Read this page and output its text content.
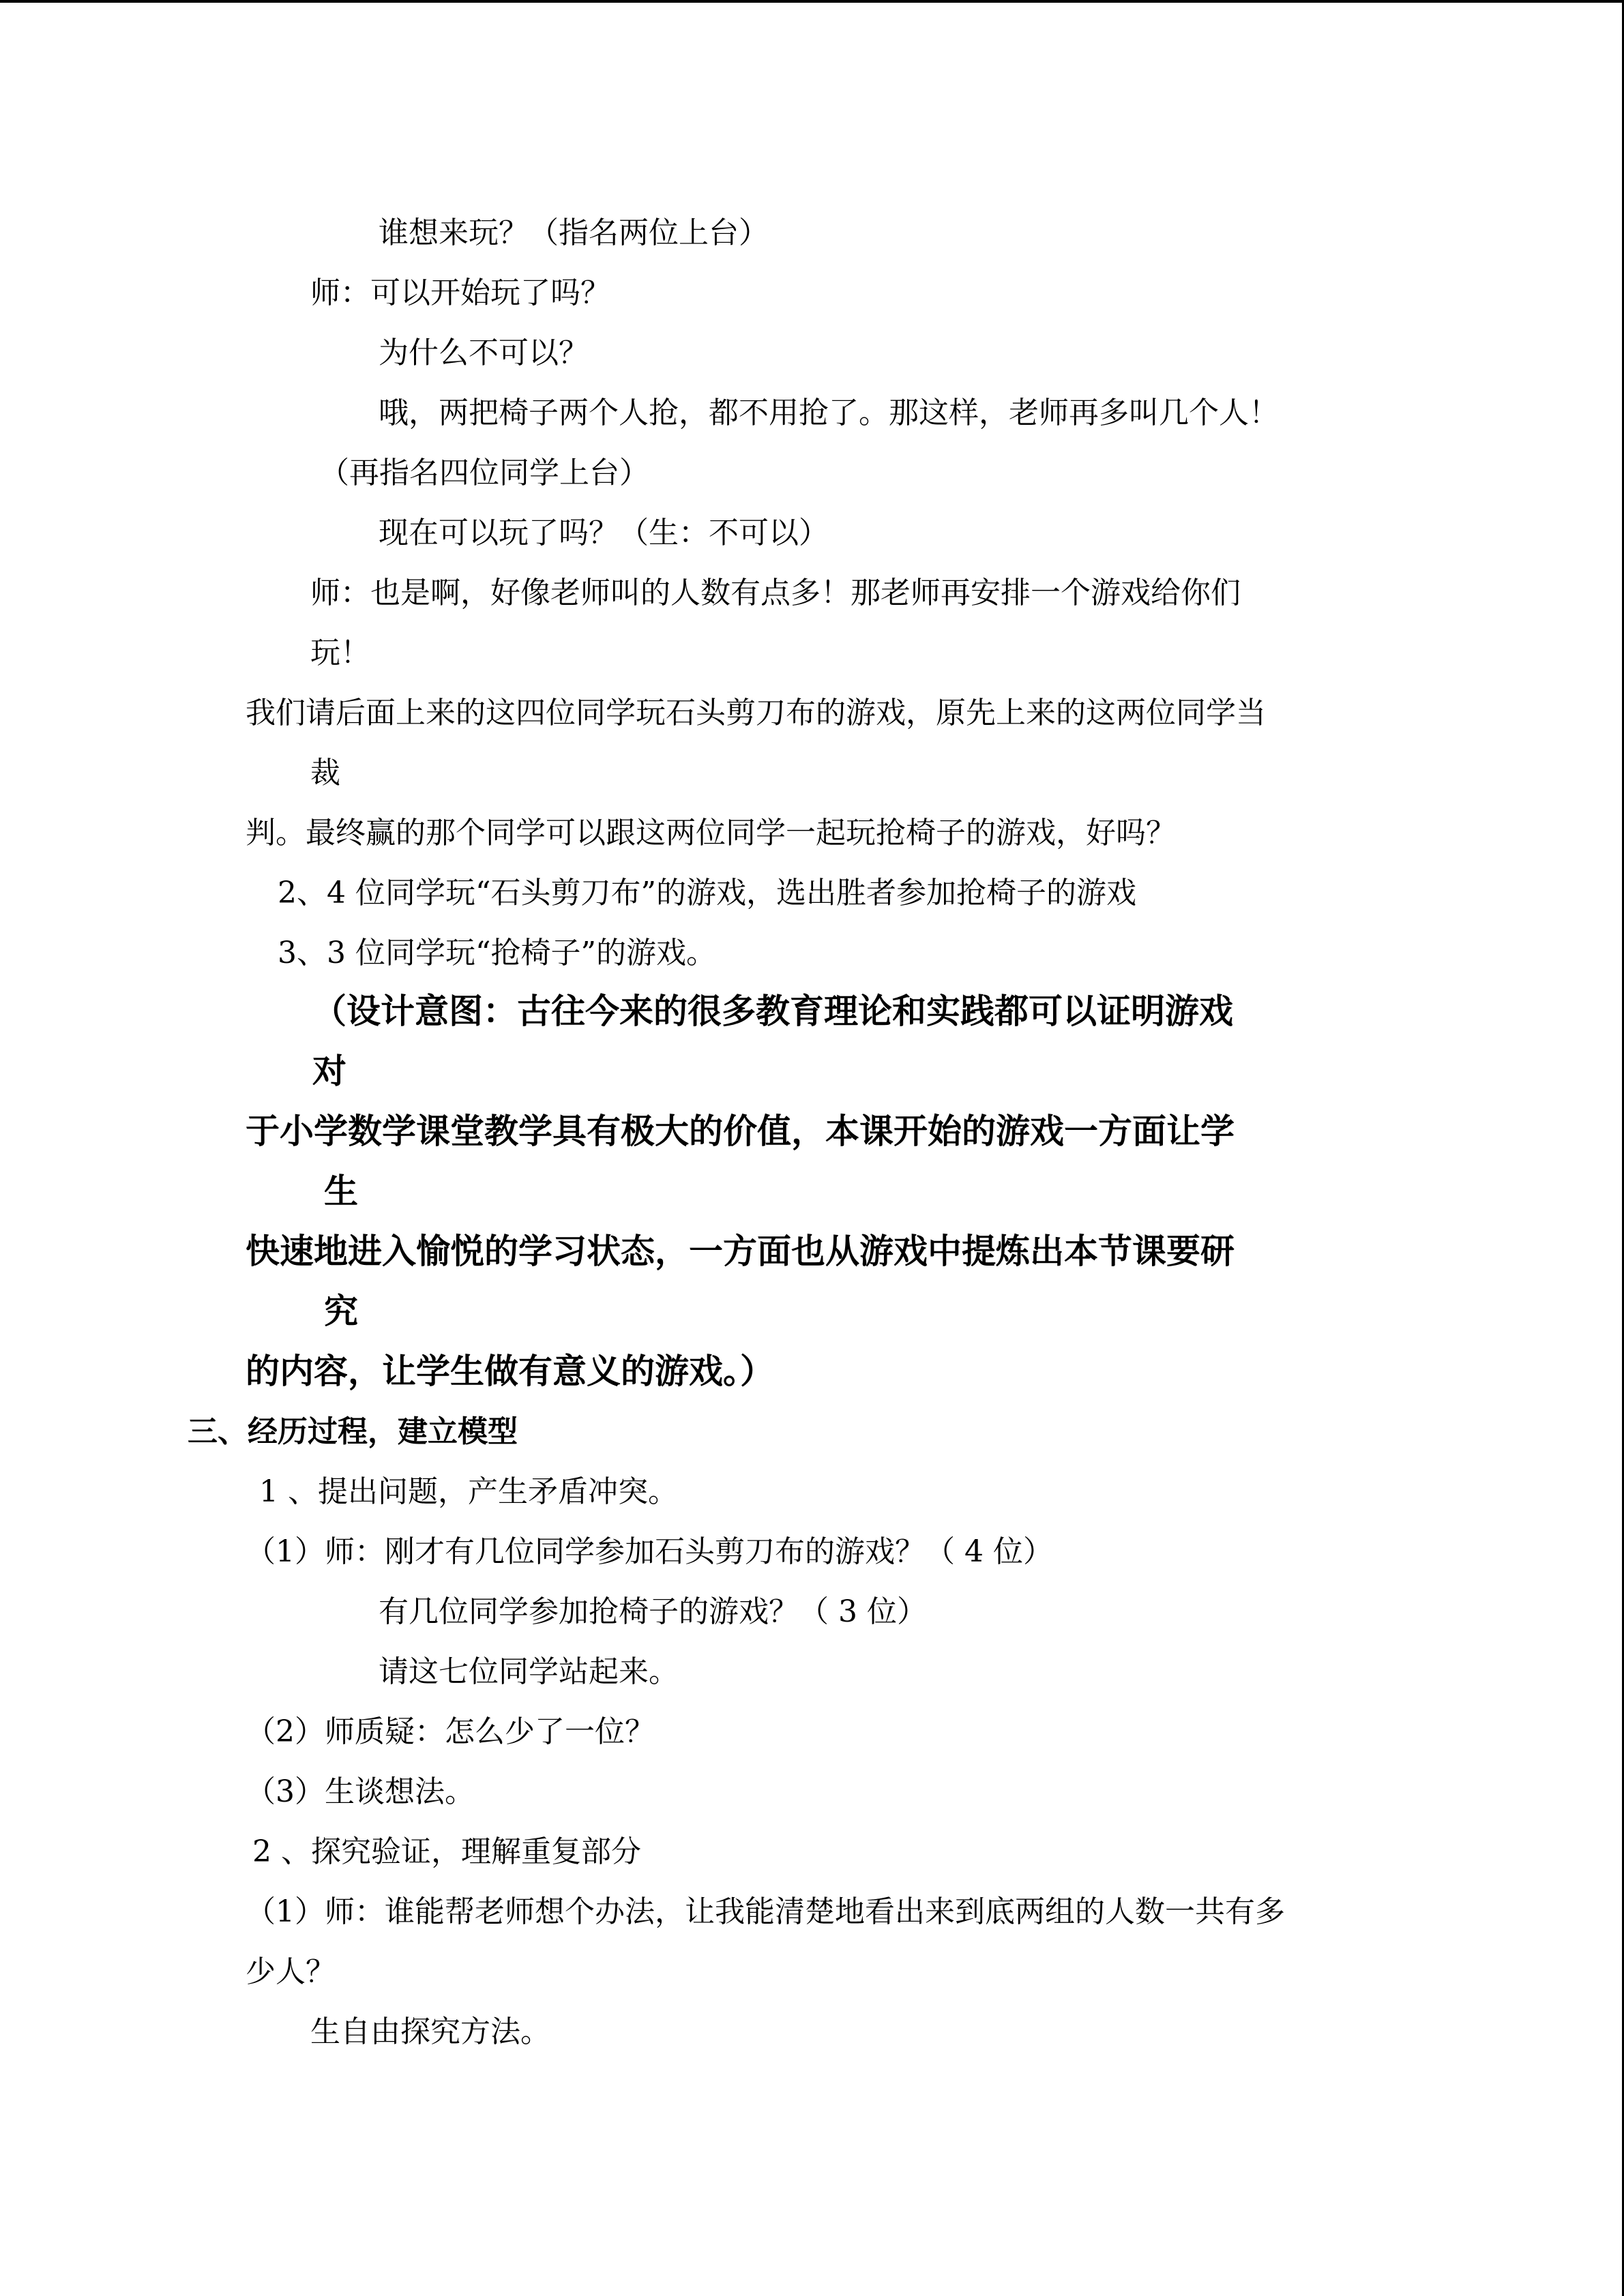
谁想来玩？（指名两位上台）
师：可以开始玩了吗？
为什么不可以？
哦，两把椅子两个人抢，都不用抢了。那这样，老师再多叫几个人！
（再指名四位同学上台）
现在可以玩了吗？（生：不可以）
师：也是啊，好像老师叫的人数有点多！那老师再安排一个游戏给你们
玩！
我们请后面上来的这四位同学玩石头剪刀布的游戏，原先上来的这两位同学当
裁
判。最终赢的那个同学可以跟这两位同学一起玩抢椅子的游戏，好吗？
2、4 位同学玩“石头剪刀布”的游戏，选出胜者参加抢椅子的游戏
3、3 位同学玩“抢椅子”的游戏。
（设计意图：古往今来的很多教育理论和实践都可以证明游戏
对
于小学数学课堂教学具有极大的价值，本课开始的游戏一方面让学
生
快速地进入愉悦的学习状态，一方面也从游戏中提炼出本节课要研
究
的内容，让学生做有意义的游戏。）
三、经历过程，建立模型
1 、提出问题，产生矛盾冲突。
（1）师：刚才有几位同学参加石头剪刀布的游戏？（ 4 位）
有几位同学参加抢椅子的游戏？（ 3 位）
请这七位同学站起来。
（2）师质疑：怎么少了一位？
（3）生谈想法。
2 、探究验证，理解重复部分
（1）师：谁能帮老师想个办法，让我能清楚地看出来到底两组的人数一共有多
少人？
生自由探究方法。
